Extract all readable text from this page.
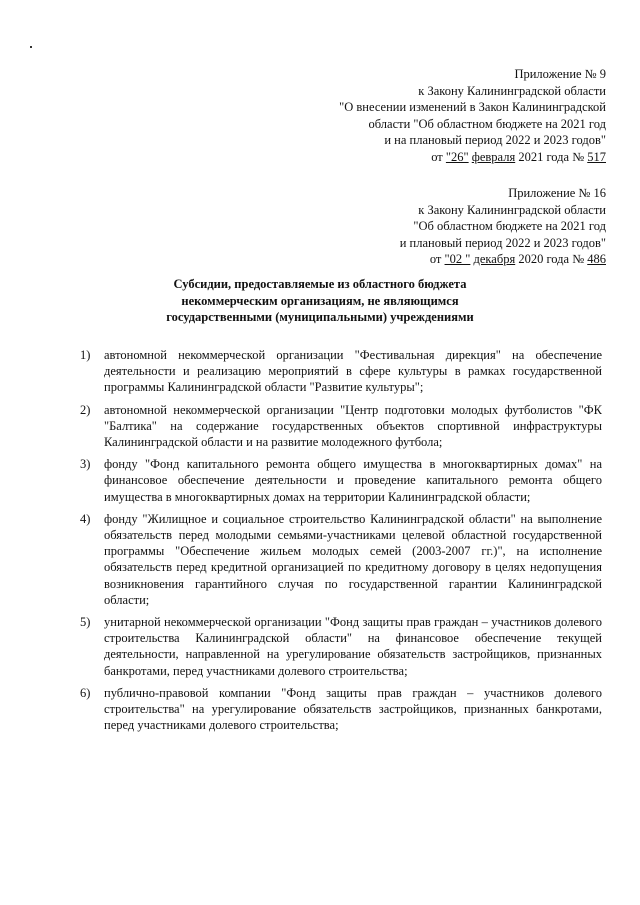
Приложение № 9
к Закону Калининградской области
"О внесении изменений в Закон Калининградской
области "Об областном бюджете на 2021 год
и на плановый период 2022 и 2023 годов"
от "26" февраля 2021 года № 517
Приложение № 16
к Закону Калининградской области
"Об областном бюджете на 2021 год
и плановый период 2022 и 2023 годов"
от "02 " декабря 2020 года № 486
Субсидии, предоставляемые из областного бюджета
некоммерческим организациям, не являющимся
государственными (муниципальными) учреждениями
1) автономной некоммерческой организации "Фестивальная дирекция" на обеспечение деятельности и реализацию мероприятий в сфере культуры в рамках государственной программы Калининградской области "Развитие культуры";
2) автономной некоммерческой организации "Центр подготовки молодых футболистов "ФК "Балтика" на содержание государственных объектов спортивной инфраструктуры Калининградской области и на развитие молодежного футбола;
3) фонду "Фонд капитального ремонта общего имущества в многоквартирных домах" на финансовое обеспечение деятельности и проведение капитального ремонта общего имущества в многоквартирных домах на территории Калининградской области;
4) фонду "Жилищное и социальное строительство Калининградской области" на выполнение обязательств перед молодыми семьями-участниками целевой областной государственной программы "Обеспечение жильем молодых семей (2003-2007 гг.)", на исполнение обязательств перед кредитной организацией по кредитному договору в целях недопущения возникновения гарантийного случая по государственной гарантии Калининградской области;
5) унитарной некоммерческой организации "Фонд защиты прав граждан – участников долевого строительства Калининградской области" на финансовое обеспечение текущей деятельности, направленной на урегулирование обязательств застройщиков, признанных банкротами, перед участниками долевого строительства;
6) публично-правовой компании "Фонд защиты прав граждан – участников долевого строительства" на урегулирование обязательств застройщиков, признанных банкротами, перед участниками долевого строительства;
